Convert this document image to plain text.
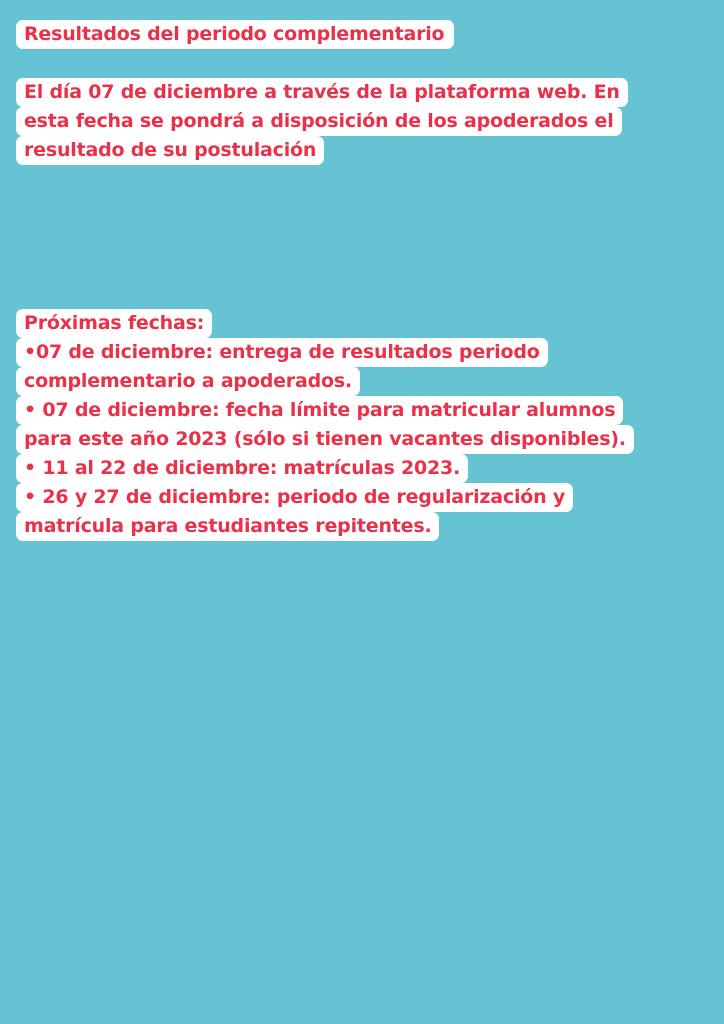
Resultados del periodo complementario
El día 07 de diciembre a través de la plataforma web. En
esta fecha se pondrá a disposición de los apoderados el
resultado de su postulación
Próximas fechas:
•07 de diciembre: entrega de resultados periodo
complementario a apoderados.
• 07 de diciembre: fecha límite para matricular alumnos
para este año 2023 (sólo si tienen vacantes disponibles).
• 11 al 22 de diciembre: matrículas 2023.
• 26 y 27 de diciembre: periodo de regularización y
matrícula para estudiantes repitentes.
